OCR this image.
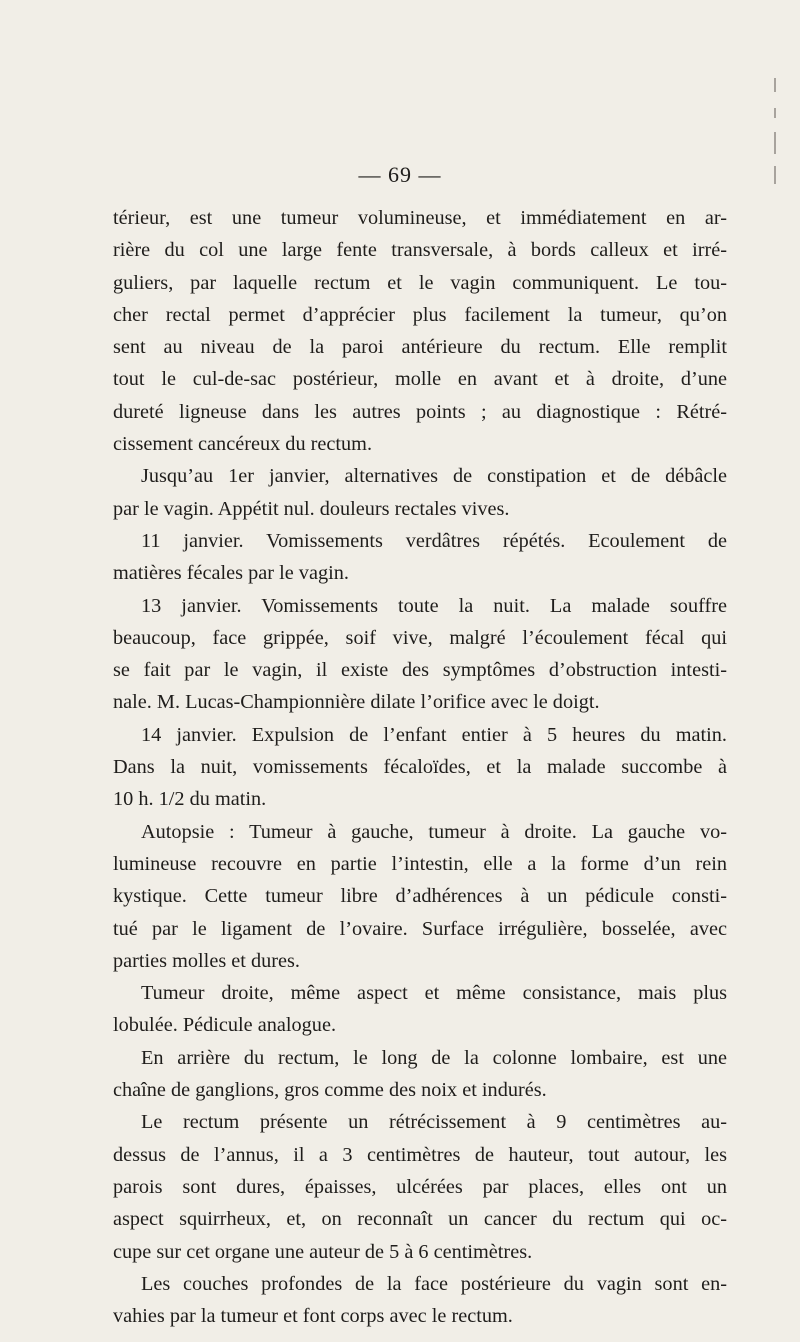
— 69 —
térieur, est une tumeur volumineuse, et immédiatement en ar-
rière du col une large fente transversale, à bords calleux et irré-
guliers, par laquelle rectum et le vagin communiquent. Le tou-
cher rectal permet d’apprécier plus facilement la tumeur, qu’on
sent au niveau de la paroi antérieure du rectum. Elle remplit
tout le cul-de-sac postérieur, molle en avant et à droite, d’une
dureté ligneuse dans les autres points ; au diagnostique : Rétré-
cissement cancéreux du rectum.
Jusqu’au 1er janvier, alternatives de constipation et de débâcle
par le vagin. Appétit nul. douleurs rectales vives.
11 janvier. Vomissements verdâtres répétés. Ecoulement de
matières fécales par le vagin.
13 janvier. Vomissements toute la nuit. La malade souffre
beaucoup, face grippée, soif vive, malgré l’écoulement fécal qui
se fait par le vagin, il existe des symptômes d’obstruction intesti-
nale. M. Lucas-Championnière dilate l’orifice avec le doigt.
14 janvier. Expulsion de l’enfant entier à 5 heures du matin.
Dans la nuit, vomissements fécaloïdes, et la malade succombe à
10 h. 1/2 du matin.
Autopsie : Tumeur à gauche, tumeur à droite. La gauche vo-
lumineuse recouvre en partie l’intestin, elle a la forme d’un rein
kystique. Cette tumeur libre d’adhérences à un pédicule consti-
tué par le ligament de l’ovaire. Surface irrégulière, bosselée, avec
parties molles et dures.
Tumeur droite, même aspect et même consistance, mais plus
lobulée. Pédicule analogue.
En arrière du rectum, le long de la colonne lombaire, est une
chaîne de ganglions, gros comme des noix et indurés.
Le rectum présente un rétrécissement à 9 centimètres au-
dessus de l’annus, il a 3 centimètres de hauteur, tout autour, les
parois sont dures, épaisses, ulcérées par places, elles ont un
aspect squirrheux, et, on reconnaît un cancer du rectum qui oc-
cupe sur cet organe une auteur de 5 à 6 centimètres.
Les couches profondes de la face postérieure du vagin sont en-
vahies par la tumeur et font corps avec le rectum.
